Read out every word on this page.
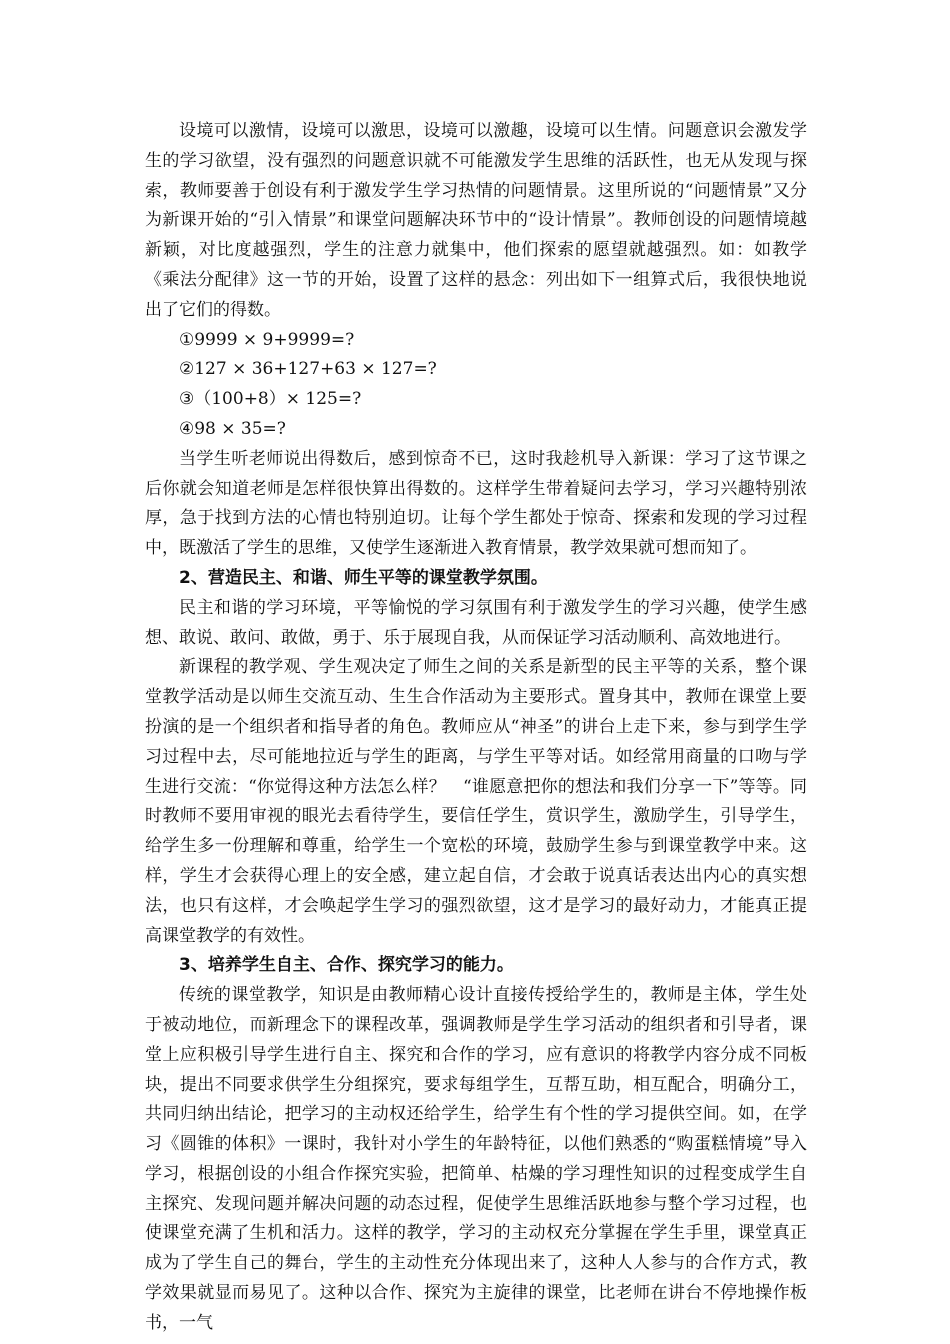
设境可以激情，设境可以激思，设境可以激趣，设境可以生情。问题意识会激发学生的学习欲望，没有强烈的问题意识就不可能激发学生思维的活跃性，也无从发现与探索，教师要善于创设有利于激发学生学习热情的问题情景。这里所说的“问题情景”又分为新课开始的“引入情景”和课堂问题解决环节中的“设计情景”。教师创设的问题情境越新颖，对比度越强烈，学生的注意力就集中，他们探索的愿望就越强烈。如：如教学《乘法分配律》这一节的开始，设置了这样的悬念：列出如下一组算式后，我很快地说出了它们的得数。

①9999 × 9+9999=?

②127 × 36+127+63 × 127=?

③（100+8）× 125=?

④98 × 35=?

当学生听老师说出得数后，感到惊奇不已，这时我趁机导入新课：学习了这节课之后你就会知道老师是怎样很快算出得数的。这样学生带着疑问去学习，学习兴趣特别浓厚，急于找到方法的心情也特别迫切。让每个学生都处于惊奇、探索和发现的学习过程中，既激活了学生的思维，又使学生逐渐进入教育情景，教学效果就可想而知了。

2、营造民主、和谐、师生平等的课堂教学氛围。

民主和谐的学习环境，平等愉悦的学习氛围有利于激发学生的学习兴趣，使学生感想、敢说、敢问、敢做，勇于、乐于展现自我，从而保证学习活动顺利、高效地进行。

新课程的教学观、学生观决定了师生之间的关系是新型的民主平等的关系，整个课堂教学活动是以师生交流互动、生生合作活动为主要形式。置身其中，教师在课堂上要扮演的是一个组织者和指导者的角色。教师应从“神圣”的讲台上走下来，参与到学生学习过程中去，尽可能地拉近与学生的距离，与学生平等对话。如经常用商量的口吻与学生进行交流：“你觉得这种方法怎么样？　“谁愿意把你的想法和我们分享一下”等等。同时教师不要用审视的眼光去看待学生，要信任学生，赏识学生，激励学生，引导学生，给学生多一份理解和尊重，给学生一个宽松的环境，鼓励学生参与到课堂教学中来。这样，学生才会获得心理上的安全感，建立起自信，才会敢于说真话表达出内心的真实想法，也只有这样，才会唤起学生学习的强烈欲望，这才是学习的最好动力，才能真正提高课堂教学的有效性。

3、培养学生自主、合作、探究学习的能力。

传统的课堂教学，知识是由教师精心设计直接传授给学生的，教师是主体，学生处于被动地位，而新理念下的课程改革，强调教师是学生学习活动的组织者和引导者，课堂上应积极引导学生进行自主、探究和合作的学习，应有意识的将教学内容分成不同板块，提出不同要求供学生分组探究，要求每组学生，互帮互助，相互配合，明确分工，共同归纳出结论，把学习的主动权还给学生，给学生有个性的学习提供空间。如，在学习《圆锥的体积》一课时，我针对小学生的年龄特征，以他们熟悉的“购蛋糕情境”导入学习，根据创设的小组合作探究实验，把简单、枯燥的学习理性知识的过程变成学生自主探究、发现问题并解决问题的动态过程，促使学生思维活跃地参与整个学习过程，也使课堂充满了生机和活力。这样的教学，学习的主动权充分掌握在学生手里，课堂真正成为了学生自己的舞台，学生的主动性充分体现出来了，这种人人参与的合作方式，教学效果就显而易见了。这种以合作、探究为主旋律的课堂，比老师在讲台不停地操作板书，一气
